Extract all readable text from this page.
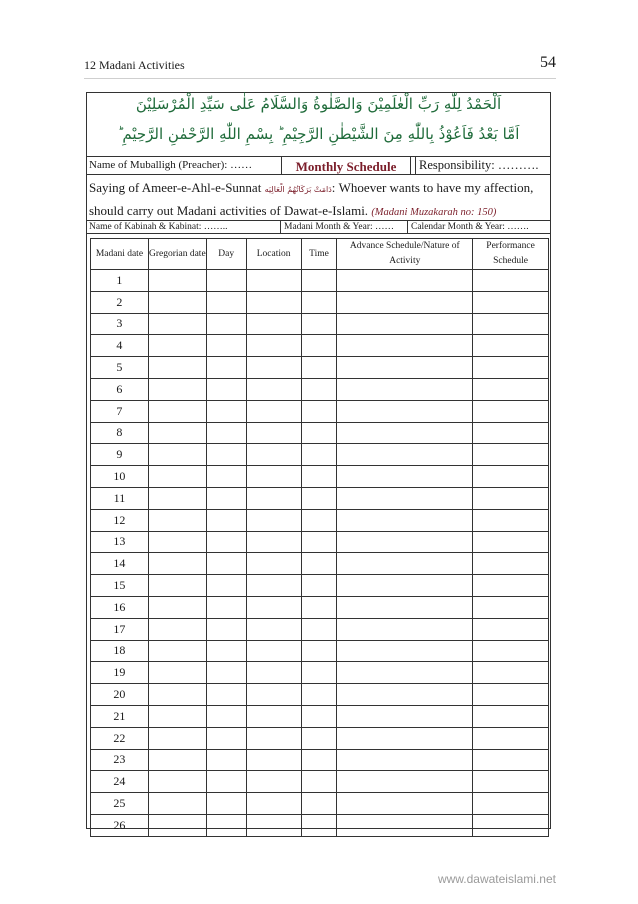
12 Madani Activities	54
اَلْحَمْدُ لِلّٰهِ رَبِّ الْعٰلَمِيْنَ وَالصَّلٰوةُ وَالسَّلَامُ عَلٰى سَيِّدِ الْمُرْسَلِيْنَ
اَمَّا بَعْدُ فَاَعُوْذُ بِاللّٰهِ مِنَ الشَّيْطٰنِ الرَّجِيْمِ ؕ بِسْمِ اللّٰهِ الرَّحْمٰنِ الرَّحِيْمِ ؕ
Name of Muballigh (Preacher): ……	Monthly Schedule	Responsibility: ……….
Saying of Ameer-e-Ahl-e-Sunnat دَامَتْ بَرَكَاتُهُمُ الْعَالِيَه: Whoever wants to have my affection, should carry out Madani activities of Dawat-e-Islami. (Madani Muzakarah no: 150)
Name of Kabinah & Kabinat: ……..	Madani Month & Year: ……	Calendar Month & Year: …….
Madani date	Gregorian date	Day	Location	Time	Advance Schedule/Nature of Activity	Performance Schedule
1						
2						
3						
4						
5						
6						
7						
8						
9						
10						
11						
12						
13						
14						
15						
16						
17						
18						
19						
20						
21						
22						
23						
24						
25						
26						
www.dawateislami.net
